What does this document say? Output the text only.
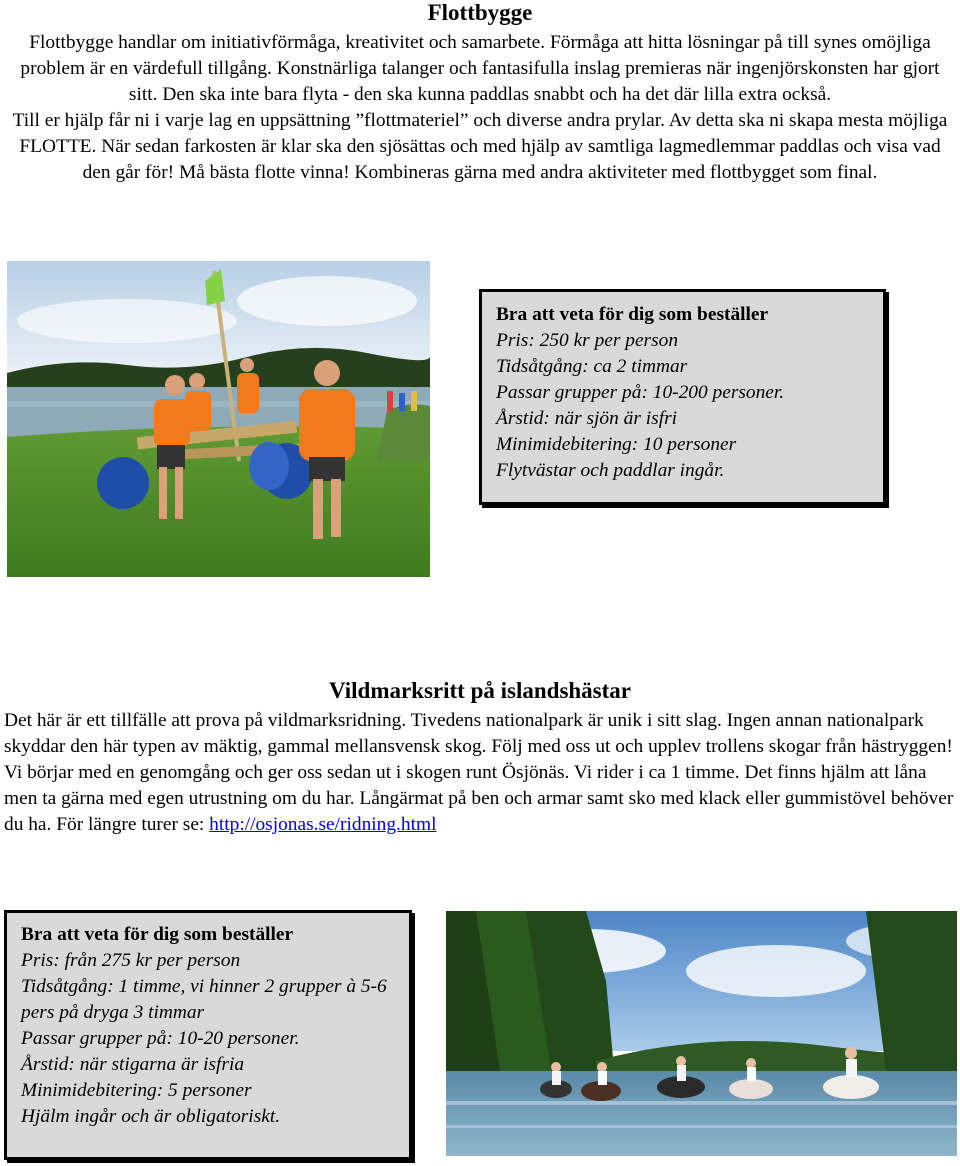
Flottbygge

Flottbygge handlar om initiativförmåga, kreativitet och samarbete. Förmåga att hitta lösningar på till synes omöjliga problem är en värdefull tillgång. Konstnärliga talanger och fantasifulla inslag premieras när ingenjörskonsten har gjort sitt. Den ska inte bara flyta - den ska kunna paddlas snabbt och ha det där lilla extra också.

Till er hjälp får ni i varje lag en uppsättning ”flottmateriel” och diverse andra prylar. Av detta ska ni skapa mesta möjliga FLOTTE. När sedan farkosten är klar ska den sjösättas och med hjälp av samtliga lagmedlemmar paddlas och visa vad den går för! Må bästa flotte vinna! Kombineras gärna med andra aktiviteter med flottbygget som final.

Bra att veta för dig som beställer
Pris: 250 kr per person
Tidsåtgång: ca 2 timmar
Passar grupper på: 10-200 personer.
Årstid: när sjön är isfri
Minimidebitering: 10 personer
Flytvästar och paddlar ingår.
Vildmarksritt på islandshästar

Det här är ett tillfälle att prova på vildmarksridning. Tivedens nationalpark är unik i sitt slag. Ingen annan nationalpark skyddar den här typen av mäktig, gammal mellansvensk skog. Följ med oss ut och upplev trollens skogar från hästryggen!

Vi börjar med en genomgång och ger oss sedan ut i skogen runt Ösjönäs. Vi rider i ca 1 timme. Det finns hjälm att låna men ta gärna med egen utrustning om du har. Långärmat på ben och armar samt sko med klack eller gummistövel behöver du ha. För längre turer se: http://osjonas.se/ridning.html

Bra att veta för dig som beställer
Pris: från 275 kr per person
Tidsåtgång: 1 timme, vi hinner 2 grupper à 5-6 pers på dryga 3 timmar
Passar grupper på: 10-20 personer.
Årstid: när stigarna är isfria
Minimidebitering: 5 personer
Hjälm ingår och är obligatoriskt.
